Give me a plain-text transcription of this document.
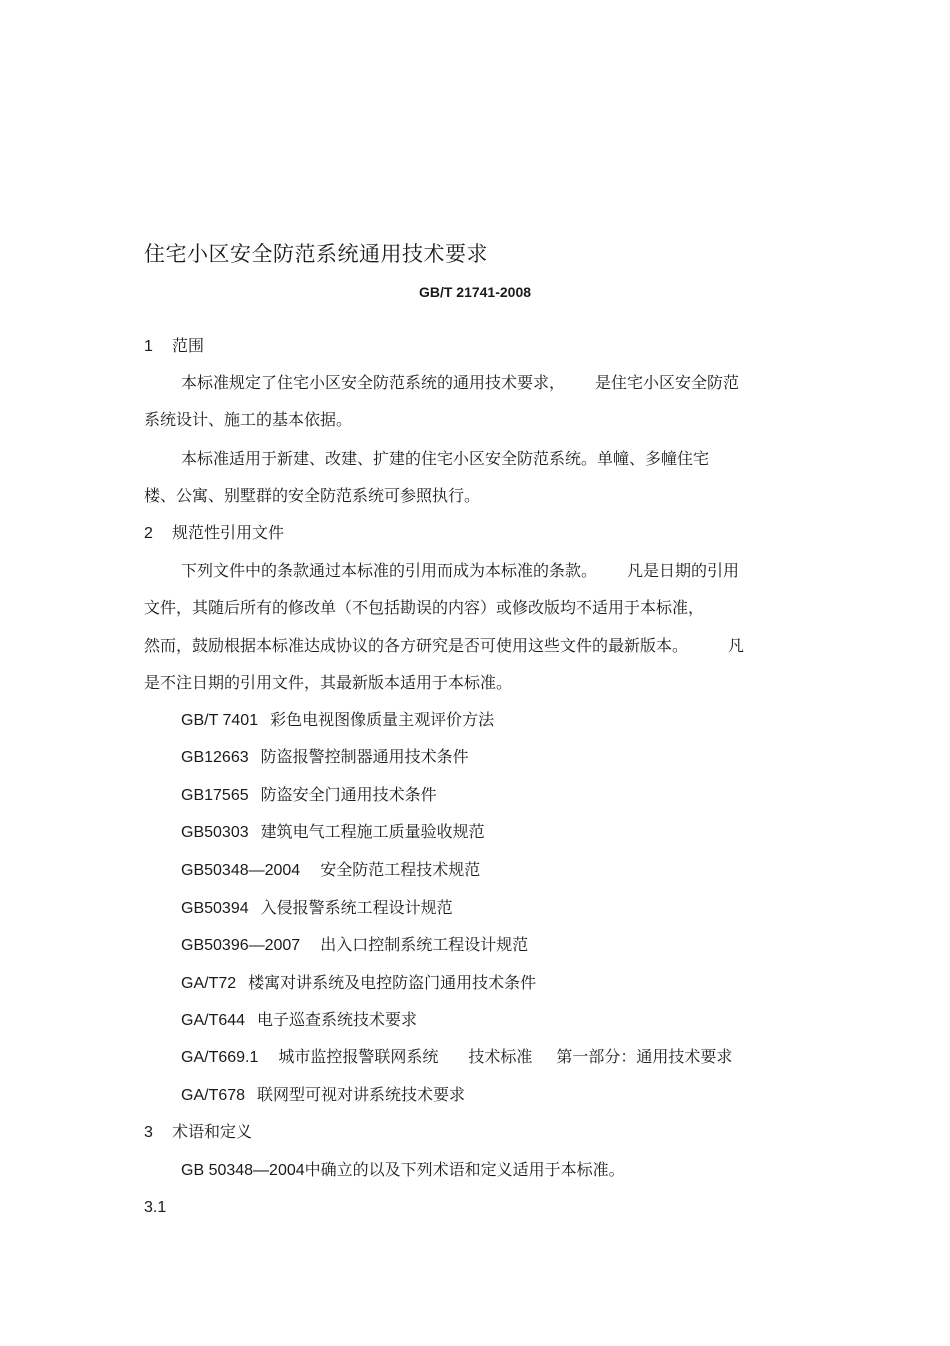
住宅小区安全防范系统通用技术要求
GB/T 21741-2008
1 范围
本标准规定了住宅小区安全防范系统的通用技术要求， 是住宅小区安全防范
系统设计、施工的基本依据。
本标准适用于新建、改建、扩建的住宅小区安全防范系统。单幢、多幢住宅
楼、公寓、别墅群的安全防范系统可参照执行。
2 规范性引用文件
下列文件中的条款通过本标准的引用而成为本标准的条款。 凡是日期的引用
文件，其随后所有的修改单（不包括勘误的内容）或修改版均不适用于本标准，
然而，鼓励根据本标准达成协议的各方研究是否可使用这些文件的最新版本。	凡
是不注日期的引用文件，其最新版本适用于本标准。
GB/T 7401 彩色电视图像质量主观评价方法
GB12663 防盗报警控制器通用技术条件
GB17565 防盗安全门通用技术条件
GB50303 建筑电气工程施工质量验收规范
GB50348—2004 安全防范工程技术规范
GB50394 入侵报警系统工程设计规范
GB50396—2007 出入口控制系统工程设计规范
GA/T72 楼寓对讲系统及电控防盗门通用技术条件
GA/T644 电子巡查系统技术要求
GA/T669.1 城市监控报警联网系统 技术标准 第一部分：通用技术要求
GA/T678 联网型可视对讲系统技术要求
3 术语和定义
GB 50348—2004中确立的以及下列术语和定义适用于本标准。
3.1
